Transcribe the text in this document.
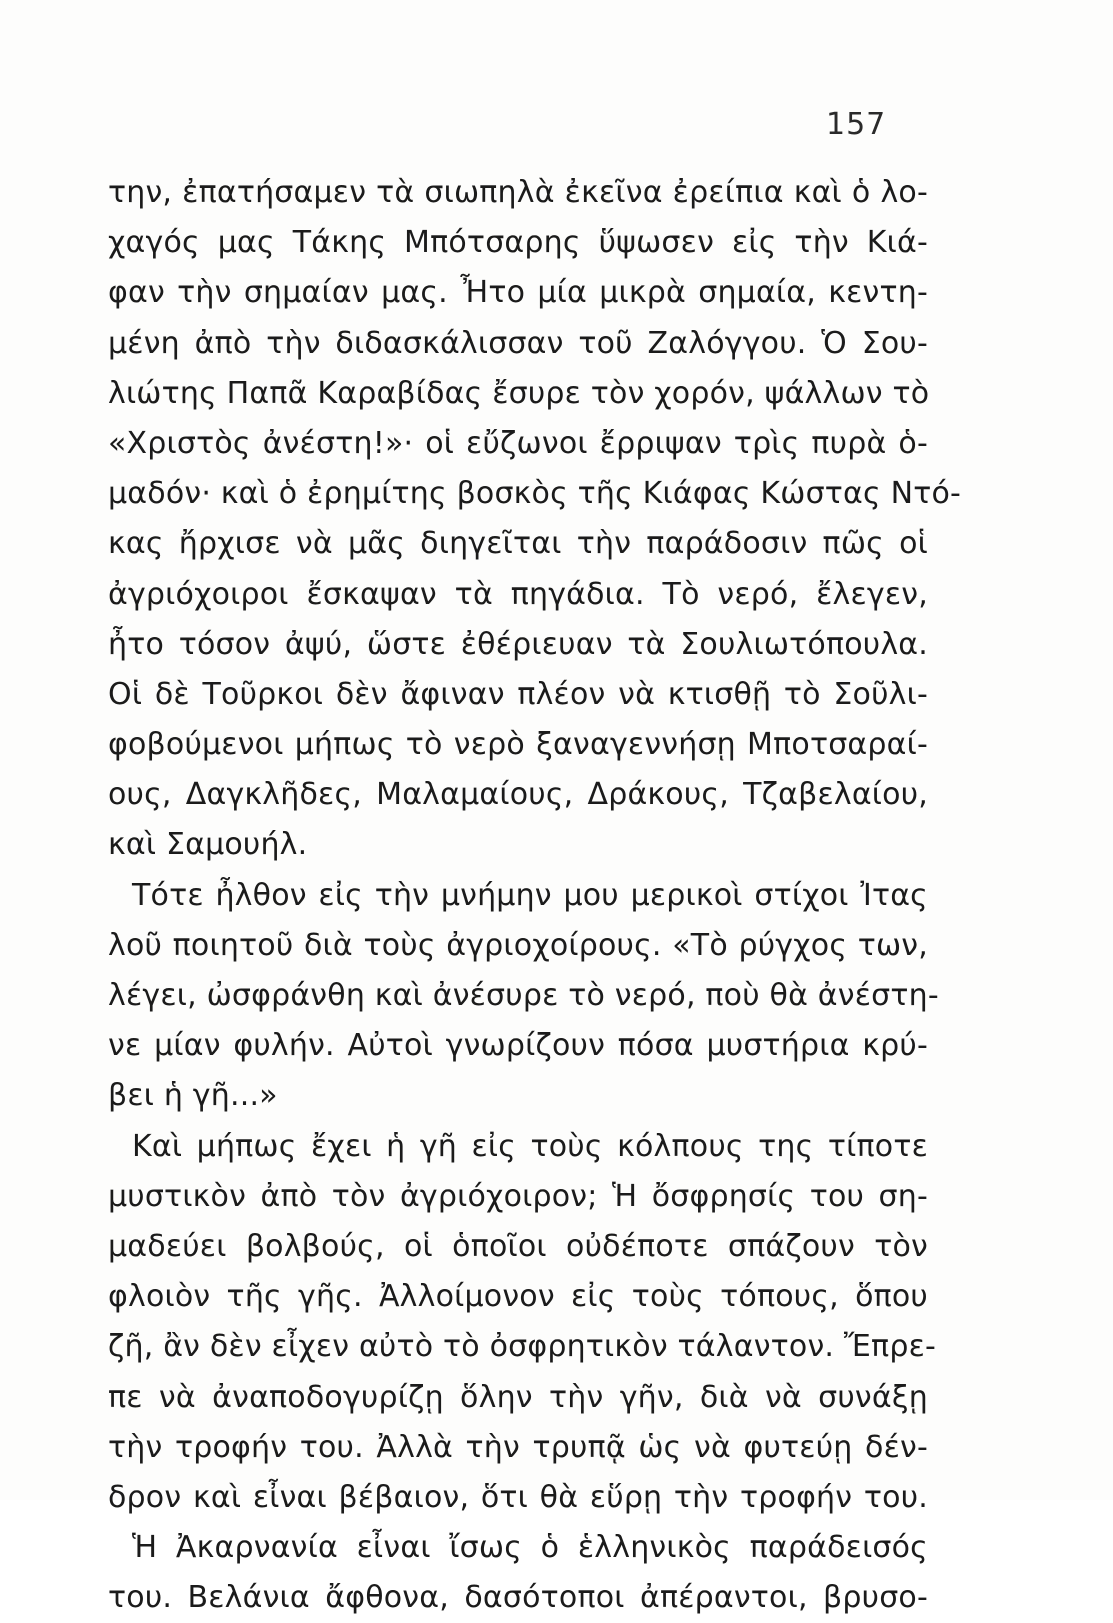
157
την, ἐπατήσαμεν τὰ σιωπηλὰ ἐκεῖνα ἐρείπια καὶ ὁ λο-
χαγός μας Τάκης Μπότσαρης ὕψωσεν εἰς τὴν Κιά-
φαν τὴν σημαίαν μας. Ἦτο μία μικρὰ σημαία, κεντη-
μένη ἀπὸ τὴν διδασκάλισσαν τοῦ Ζαλόγγου. Ὁ Σου-
λιώτης Παπᾶ Καραβίδας ἔσυρε τὸν χορόν, ψάλλων τὸ
«Χριστὸς ἀνέστη!»· οἱ εὔζωνοι ἔρριψαν τρὶς πυρὰ ὁ-
μαδόν· καὶ ὁ ἐρημίτης βοσκὸς τῆς Κιάφας Κώστας Ντό-
κας ἤρχισε νὰ μᾶς διηγεῖται τὴν παράδοσιν πῶς οἱ
ἀγριόχοιροι ἔσκαψαν τὰ πηγάδια. Τὸ νερό, ἔλεγεν,
ἦτο τόσον ἀψύ, ὥστε ἐθέριευαν τὰ Σουλιωτόπουλα.
Οἱ δὲ Τοῦρκοι δὲν ἄφιναν πλέον νὰ κτισθῇ τὸ Σοῦλι-
φοβούμενοι μήπως τὸ νερὸ ξαναγεννήσῃ Μποτσαραί-
ους, Δαγκλῆδες, Μαλαμαίους, Δράκους, Τζαβελαίου,
καὶ Σαμουήλ.
Τότε ἦλθον εἰς τὴν μνήμην μου μερικοὶ στίχοι Ἰτας
λοῦ ποιητοῦ διὰ τοὺς ἀγριοχοίρους. «Τὸ ρύγχος των,
λέγει, ὠσφράνθη καὶ ἀνέσυρε τὸ νερό, ποὺ θὰ ἀνέστη-
νε μίαν φυλήν. Αὐτοὶ γνωρίζουν πόσα μυστήρια κρύ-
βει ἡ γῆ...»
Καὶ μήπως ἔχει ἡ γῆ εἰς τοὺς κόλπους της τίποτε
μυστικὸν ἀπὸ τὸν ἀγριόχοιρον; Ἡ ὄσφρησίς του ση-
μαδεύει βολβούς, οἱ ὁποῖοι οὐδέποτε σπάζουν τὸν
φλοιὸν τῆς γῆς. Ἀλλοίμονον εἰς τοὺς τόπους, ὅπου
ζῆ, ἂν δὲν εἶχεν αὐτὸ τὸ ὀσφρητικὸν τάλαντον. Ἔπρε-
πε νὰ ἀναποδογυρίζῃ ὅλην τὴν γῆν, διὰ νὰ συνάξῃ
τὴν τροφήν του. Ἀλλὰ τὴν τρυπᾷ ὡς νὰ φυτεύῃ δέν-
δρον καὶ εἶναι βέβαιον, ὅτι θὰ εὕρῃ τὴν τροφήν του.
Ἡ Ἀκαρνανία εἶναι ἴσως ὁ ἑλληνικὸς παράδεισός
του. Βελάνια ἄφθονα, δασότοποι ἀπέραντοι, βρυσο-
